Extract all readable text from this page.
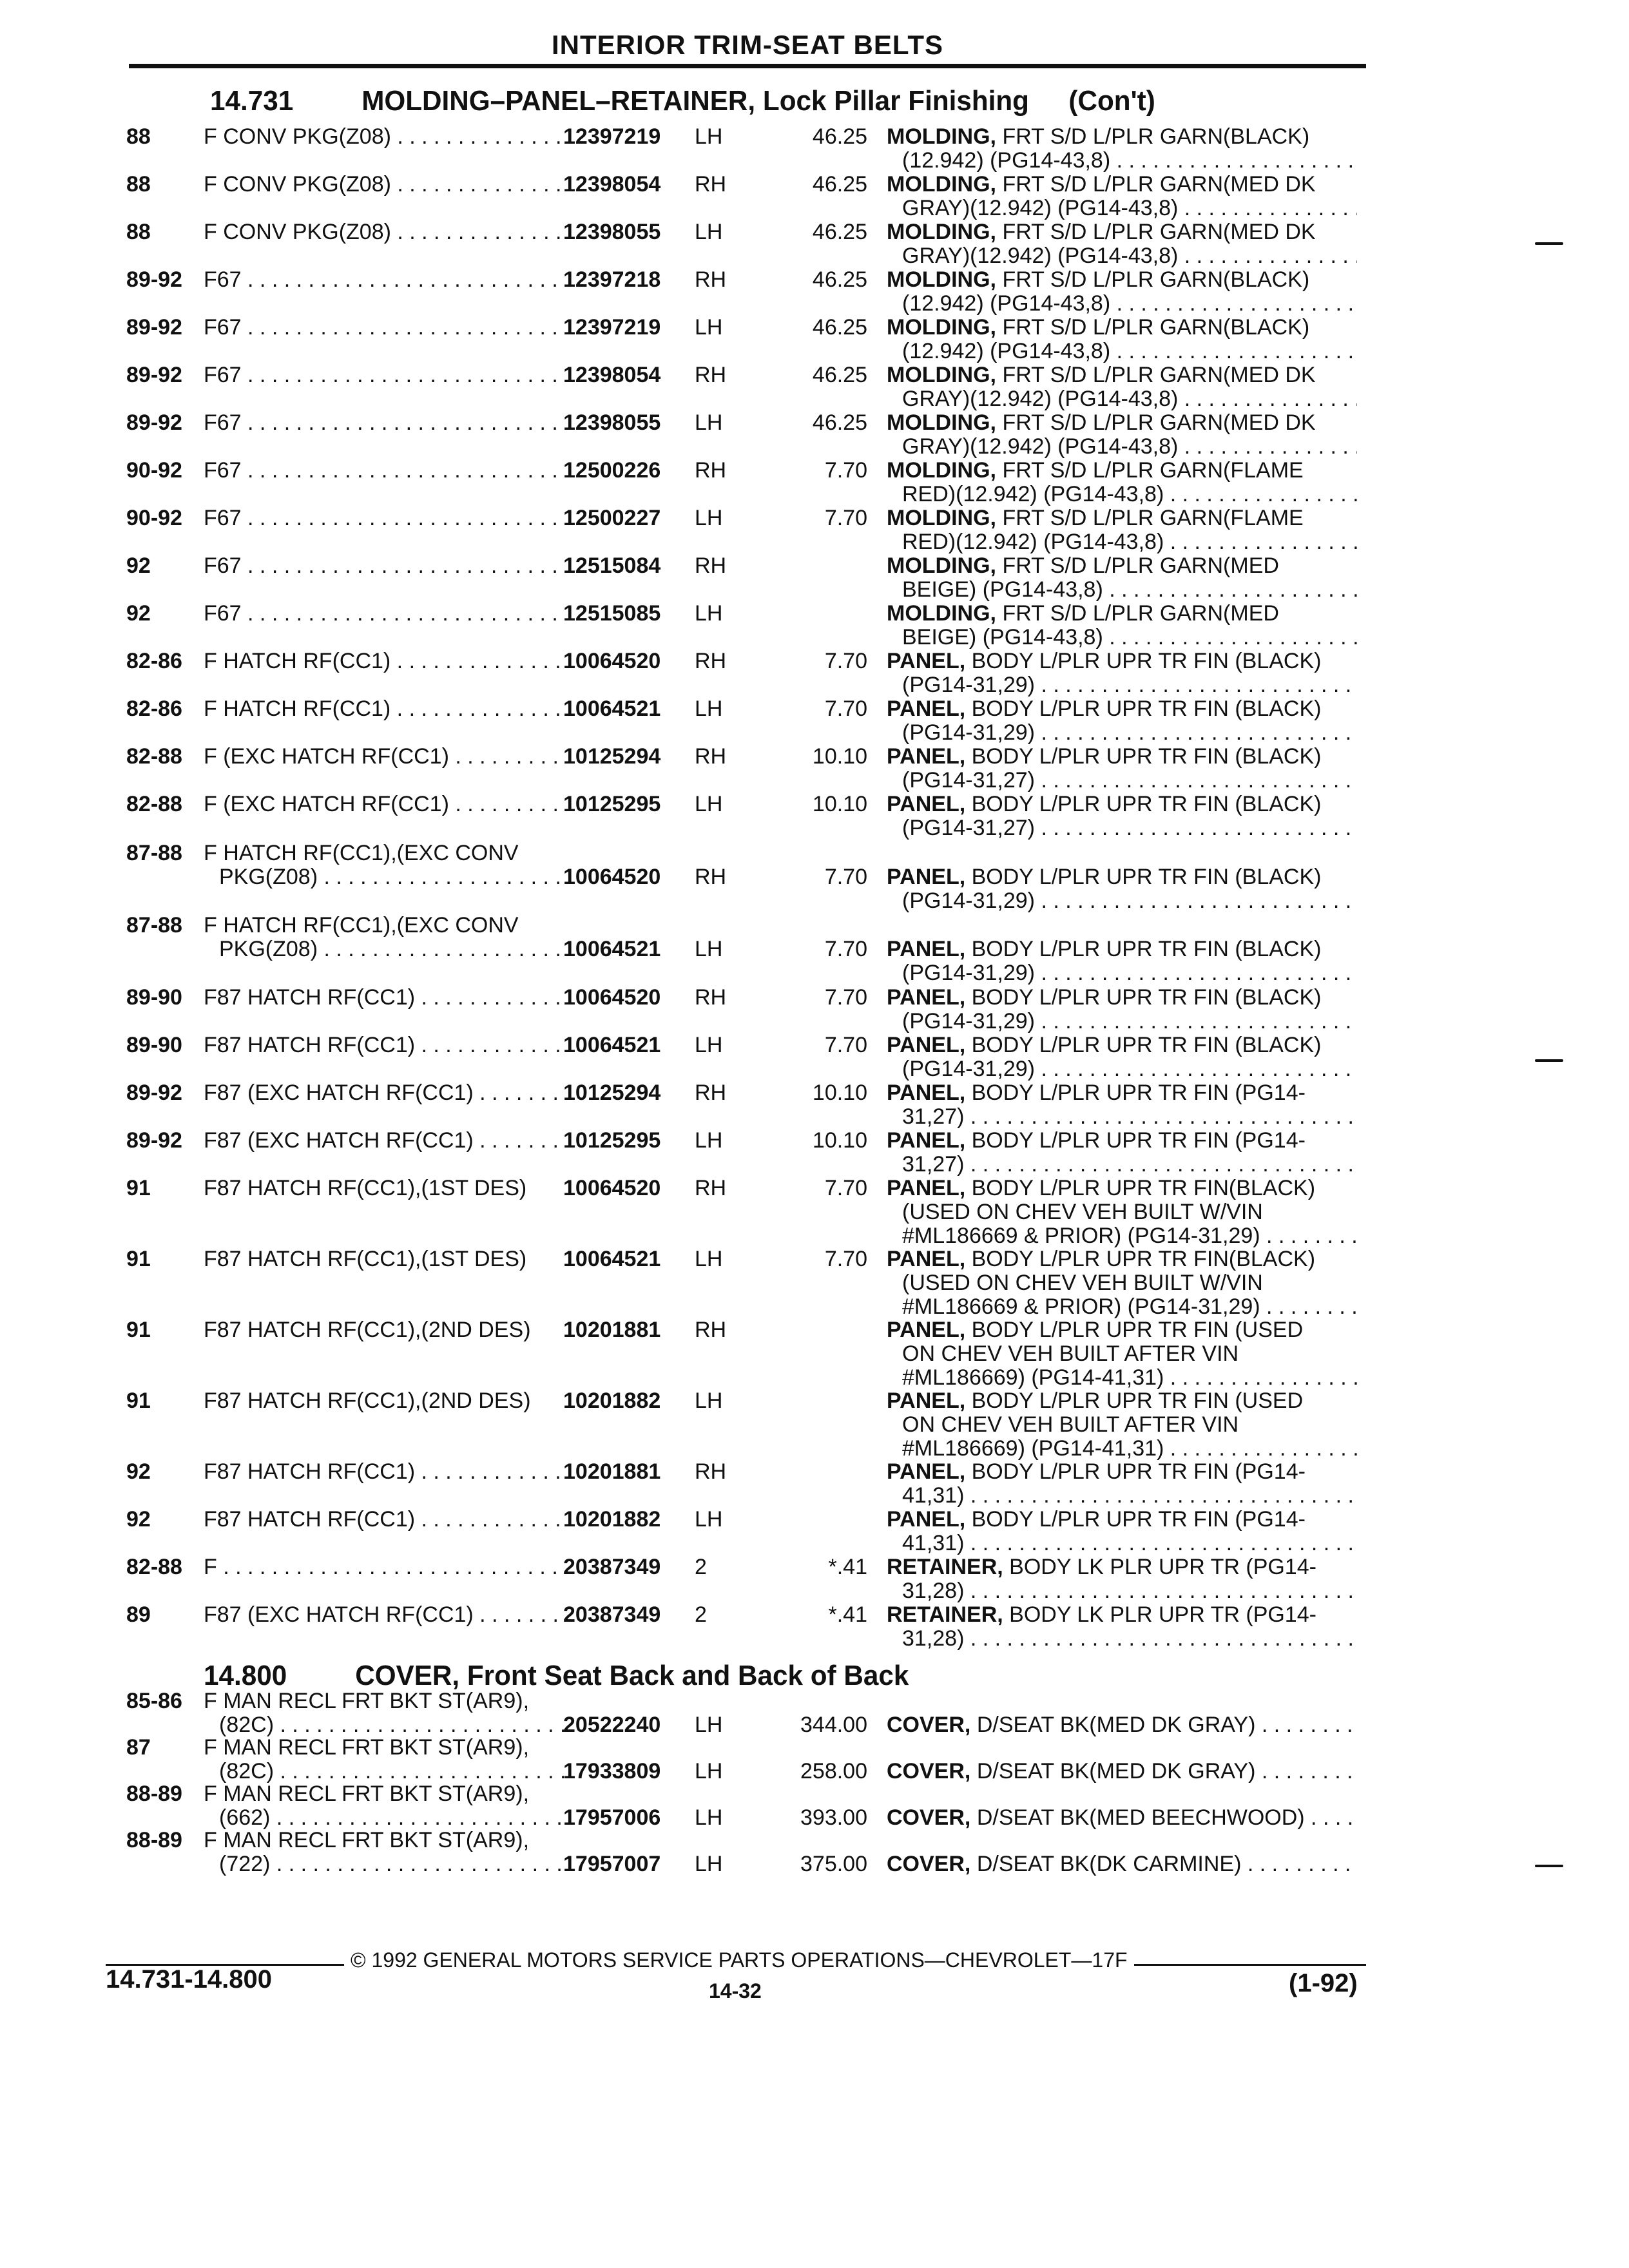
INTERIOR TRIM-SEAT BELTS
14.731 MOLDING–PANEL–RETAINER, Lock Pillar Finishing (Con't)
14.800 COVER, Front Seat Back and Back of Back
88 F CONV PKG(Z08) . . .	12397219 LH	46.25 MOLDING, FRT S/D L/PLR GARN(BLACK)
(12.942) (PG14-43,8) . . .
88 F CONV PKG(Z08) . . .	12398054 RH	46.25 MOLDING, FRT S/D L/PLR GARN(MED DK
GRAY)(12.942) (PG14-43,8) . . .
88 F CONV PKG(Z08) . . .	12398055 LH	46.25 MOLDING, FRT S/D L/PLR GARN(MED DK
GRAY)(12.942) (PG14-43,8) . . .
89-92 F67 . . .	12397218 RH	46.25 MOLDING, FRT S/D L/PLR GARN(BLACK)
(12.942) (PG14-43,8) . . .
89-92 F67 . . .	12397219 LH	46.25 MOLDING, FRT S/D L/PLR GARN(BLACK)
(12.942) (PG14-43,8) . . .
89-92 F67 . . .	12398054 RH	46.25 MOLDING, FRT S/D L/PLR GARN(MED DK
GRAY)(12.942) (PG14-43,8) . . .
89-92 F67 . . .	12398055 LH	46.25 MOLDING, FRT S/D L/PLR GARN(MED DK
GRAY)(12.942) (PG14-43,8) . . .
90-92 F67 . . .	12500226 RH	7.70 MOLDING, FRT S/D L/PLR GARN(FLAME
RED)(12.942) (PG14-43,8) . . .
90-92 F67 . . .	12500227 LH	7.70 MOLDING, FRT S/D L/PLR GARN(FLAME
RED)(12.942) (PG14-43,8) . . .
92 F67 . . .	12515084 RH	MOLDING, FRT S/D L/PLR GARN(MED
BEIGE) (PG14-43,8) . . .
92 F67 . . .	12515085 LH	MOLDING, FRT S/D L/PLR GARN(MED
BEIGE) (PG14-43,8) . . .
82-86 F HATCH RF(CC1) . . .	10064520 RH	7.70 PANEL, BODY L/PLR UPR TR FIN (BLACK)
(PG14-31,29) . . .
82-86 F HATCH RF(CC1) . . .	10064521 LH	7.70 PANEL, BODY L/PLR UPR TR FIN (BLACK)
(PG14-31,29) . . .
82-88 F (EXC HATCH RF(CC1) . . .	10125294 RH	10.10 PANEL, BODY L/PLR UPR TR FIN (BLACK)
(PG14-31,27) . . .
82-88 F (EXC HATCH RF(CC1) . . .	10125295 LH	10.10 PANEL, BODY L/PLR UPR TR FIN (BLACK)
(PG14-31,27) . . .
87-88 F HATCH RF(CC1),(EXC CONV
PKG(Z08) . . .	10064520 RH	7.70 PANEL, BODY L/PLR UPR TR FIN (BLACK)
(PG14-31,29) . . .
87-88 F HATCH RF(CC1),(EXC CONV
PKG(Z08) . . .	10064521 LH	7.70 PANEL, BODY L/PLR UPR TR FIN (BLACK)
(PG14-31,29) . . .
89-90 F87 HATCH RF(CC1) . . .	10064520 RH	7.70 PANEL, BODY L/PLR UPR TR FIN (BLACK)
(PG14-31,29) . . .
89-90 F87 HATCH RF(CC1) . . .	10064521 LH	7.70 PANEL, BODY L/PLR UPR TR FIN (BLACK)
(PG14-31,29) . . .
89-92 F87 (EXC HATCH RF(CC1) . . .	10125294 RH	10.10 PANEL, BODY L/PLR UPR TR FIN (PG14-
31,27) . . .
89-92 F87 (EXC HATCH RF(CC1) . . .	10125295 LH	10.10 PANEL, BODY L/PLR UPR TR FIN (PG14-
31,27) . . .
91 F87 HATCH RF(CC1),(1ST DES)	10064520 RH	7.70 PANEL, BODY L/PLR UPR TR FIN(BLACK)
(USED ON CHEV VEH BUILT W/VIN
#ML186669 & PRIOR) (PG14-31,29) . . .
91 F87 HATCH RF(CC1),(1ST DES)	10064521 LH	7.70 PANEL, BODY L/PLR UPR TR FIN(BLACK)
(USED ON CHEV VEH BUILT W/VIN
#ML186669 & PRIOR) (PG14-31,29) . . .
91 F87 HATCH RF(CC1),(2ND DES)	10201881 RH	PANEL, BODY L/PLR UPR TR FIN (USED
ON CHEV VEH BUILT AFTER VIN
#ML186669) (PG14-41,31) . . .
91 F87 HATCH RF(CC1),(2ND DES)	10201882 LH	PANEL, BODY L/PLR UPR TR FIN (USED
ON CHEV VEH BUILT AFTER VIN
#ML186669) (PG14-41,31) . . .
92 F87 HATCH RF(CC1) . . .	10201881 RH	PANEL, BODY L/PLR UPR TR FIN (PG14-
41,31) . . .
92 F87 HATCH RF(CC1) . . .	10201882 LH	PANEL, BODY L/PLR UPR TR FIN (PG14-
41,31) . . .
82-88 F . . .	20387349 2	*.41 RETAINER, BODY LK PLR UPR TR (PG14-
31,28) . . .
89 F87 (EXC HATCH RF(CC1) . . .	20387349 2	*.41 RETAINER, BODY LK PLR UPR TR (PG14-
31,28) . . .
85-86 F MAN RECL FRT BKT ST(AR9),
(82C) . . .	20522240 LH	344.00 COVER, D/SEAT BK(MED DK GRAY) . . .
87 F MAN RECL FRT BKT ST(AR9),
(82C) . . .	17933809 LH	258.00 COVER, D/SEAT BK(MED DK GRAY) . . .
88-89 F MAN RECL FRT BKT ST(AR9),
(662) . . .	17957006 LH	393.00 COVER, D/SEAT BK(MED BEECHWOOD) . . .
88-89 F MAN RECL FRT BKT ST(AR9),
(722) . . .	17957007 LH	375.00 COVER, D/SEAT BK(DK CARMINE) . . .
© 1992 GENERAL MOTORS SERVICE PARTS OPERATIONS—CHEVROLET—17F
14.731-14.800	14-32	(1-92)
